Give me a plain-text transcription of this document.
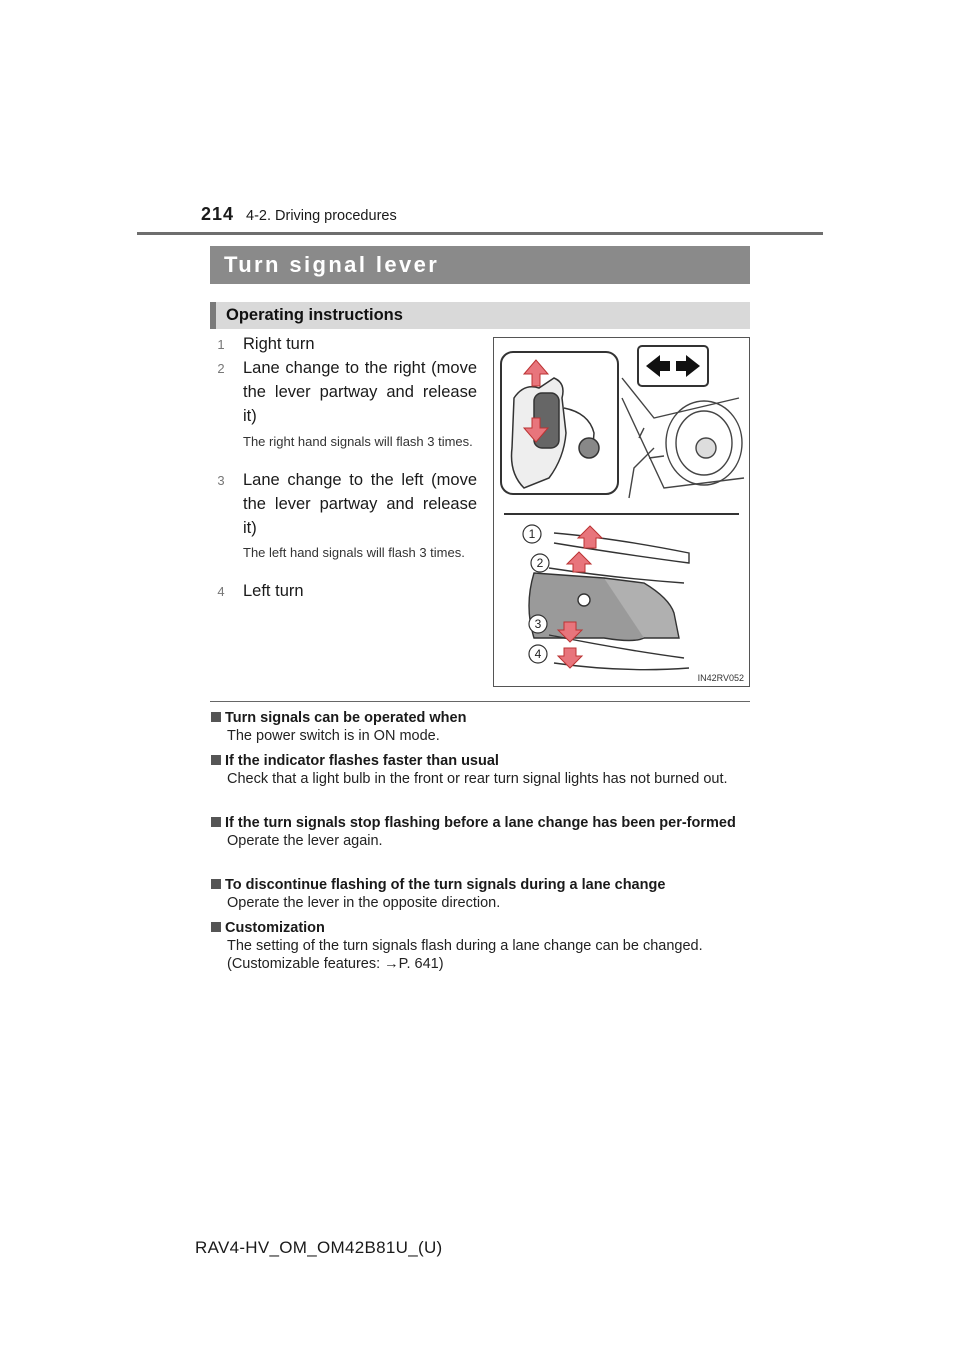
214 4-2. Driving procedures
Turn signal lever
Operating instructions
1 Right turn
2 Lane change to the right (move the lever partway and release it)
The right hand signals will flash 3 times.
3 Lane change to the left (move the lever partway and release it)
The left hand signals will flash 3 times.
4 Left turn
1
2
3
4
IN42RV052
Turn signals can be operated when
The power switch is in ON mode.
If the indicator flashes faster than usual
Check that a light bulb in the front or rear turn signal lights has not burned out.
If the turn signals stop flashing before a lane change has been per-formed
Operate the lever again.
To discontinue flashing of the turn signals during a lane change
Operate the lever in the opposite direction.
Customization
The setting of the turn signals flash during a lane change can be changed. (Customizable features: →P. 641)
RAV4-HV_OM_OM42B81U_(U)
